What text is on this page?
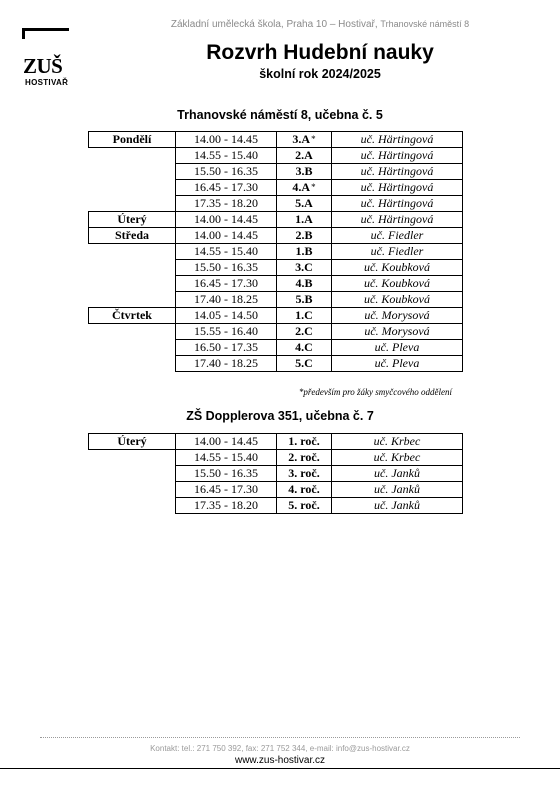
ZUŠ
HOSTIVAŘ
Základní umělecká škola, Praha 10 – Hostivař, Trhanovské náměstí 8
Rozvrh Hudební nauky
školní rok 2024/2025
Trhanovské náměstí 8, učebna č. 5
Pondělí	14.00 - 14.45	3.A*	uč. Härtingová
	14.55 - 15.40	2.A	uč. Härtingová
	15.50 - 16.35	3.B	uč. Härtingová
	16.45 - 17.30	4.A*	uč. Härtingová
	17.35 - 18.20	5.A	uč. Härtingová
Úterý	14.00 - 14.45	1.A	uč. Härtingová
Středa	14.00 - 14.45	2.B	uč. Fiedler
	14.55 - 15.40	1.B	uč. Fiedler
	15.50 - 16.35	3.C	uč. Koubková
	16.45 - 17.30	4.B	uč. Koubková
	17.40 - 18.25	5.B	uč. Koubková
Čtvrtek	14.05 - 14.50	1.C	uč. Morysová
	15.55 - 16.40	2.C	uč. Morysová
	16.50 - 17.35	4.C	uč. Pleva
	17.40 - 18.25	5.C	uč. Pleva
*především pro žáky smyčcového oddělení
ZŠ Dopplerova 351, učebna č. 7
Úterý	14.00 - 14.45	1. roč.	uč. Krbec
	14.55 - 15.40	2. roč.	uč. Krbec
	15.50 - 16.35	3. roč.	uč. Janků
	16.45 - 17.30	4. roč.	uč. Janků
	17.35 - 18.20	5. roč.	uč. Janků
Kontakt: tel.: 271 750 392, fax: 271 752 344, e-mail: info@zus-hostivar.cz
www.zus-hostivar.cz
